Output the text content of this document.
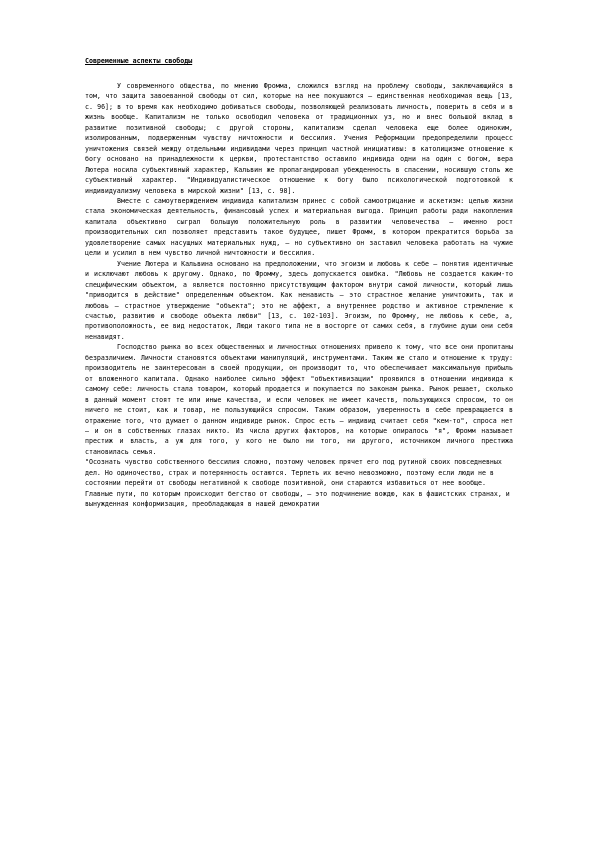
Современные аспекты свободы

У современного общества, по мнению Фромма, сложился взгляд на проблему свободы, заключающийся в том, что защита завоеванной свободы от сил, которые на нее покушаются — единственная необходимая вещь [13, с. 96]; в то время как необходимо добиваться свободы, позволяющей реализовать личность, поверить в себя и в жизнь вообще. Капитализм не только освободил человека от традиционных уз, но и внес большой вклад в развитие позитивной свободы; с другой стороны, капитализм сделал человека еще более одиноким, изолированным, подверженным чувству ничтожности и бессилия. Учения Реформации предопределили процесс уничтожения связей между отдельными индивидами через принцип частной инициативы: в католицизме отношение к богу основано на принадлежности к церкви, протестантство оставило индивида одни на один с богом, вера Лютера носила субъективный характер, Кальвин же пропагандировал убежденность в спасении, носившую столь же субъективный характер. "Индивидуалистическое отношение к богу было психологической подготовкой к индивидуализму человека в мирской жизни" [13, с. 98].

Вместе с самоутверждением индивида капитализм принес с собой самоотрицание и аскетизм: целью жизни стала экономическая деятельность, финансовый успех и материальная выгода. Принцип работы ради накопления капитала объективно сыграл большую положительную роль в развитии человечества — именно рост производительных сил позволяет представить такое будущее, пишет Фромм, в котором прекратится борьба за удовлетворение самых насущных материальных нужд, — но субъективно он заставил человека работать на чужие цели и усилил в нем чувство личной ничтожности и бессилия.

Учение Лютера и Кальвина основано на предположении, что эгоизм и любовь к себе — понятия идентичные и исключают любовь к другому. Однако, по Фромму, здесь допускается ошибка. "Любовь не создается каким-то специфическим объектом, а является постоянно присутствующим фактором внутри самой личности, который лишь "приводится в действие" определенным объектом. Как ненависть — это страстное желание уничтожить, так и любовь — страстное утверждение "объекта"; это не аффект, а внутреннее родство и активное стремление к счастью, развитию и свободе объекта любви" [13, с. 102-103]. Эгоизм, по Фромму, не любовь к себе, а, противоположность, ее вид недостаток, Люди такого типа не в восторге от самих себя, в глубине души они себя ненавидят.

Господство рынка во всех общественных и личностных отношениях привело к тому, что все они пропитаны безразличием. Личности становятся объектами манипуляций, инструментами. Таким же стало и отношение к труду: производитель не заинтересован в своей продукции, он производит то, что обеспечивает максимальную прибыль от вложенного капитала. Однако наиболее сильно эффект "объективизации" проявился в отношении индивида к самому себе: личность стала товаром, который продается и покупается по законам рынка. Рынок решает, сколько в данный момент стоят те или иные качества, и если человек не имеет качеств, пользующихся спросом, то он ничего не стоит, как и товар, не пользующийся спросом. Таким образом, уверенность в себе превращается в отражение того, что думает о данном индивиде рынок. Спрос есть — индивид считает себя "кем-то", спроса нет — и он в собственных глазах никто. Из числа других факторов, на которые опиралось "я", Фромм называет престиж и власть, а уж для того, у кого не было ни того, ни другого, источником личного престижа становилась семья.

"Осознать чувство собственного бессилия сложно, поэтому человек прячет его под рутиной своих повседневных дел. Но одиночество, страх и потерянность остаются. Терпеть их вечно невозможно, поэтому если люди не в состоянии перейти от свободы негативной к свободе позитивной, они стараются избавиться от нее вообще. Главные пути, по которым происходит бегство от свободы, — это подчинение вождю, как в фашистских странах, и вынужденная конформизация, преобладающая в нашей демократии
